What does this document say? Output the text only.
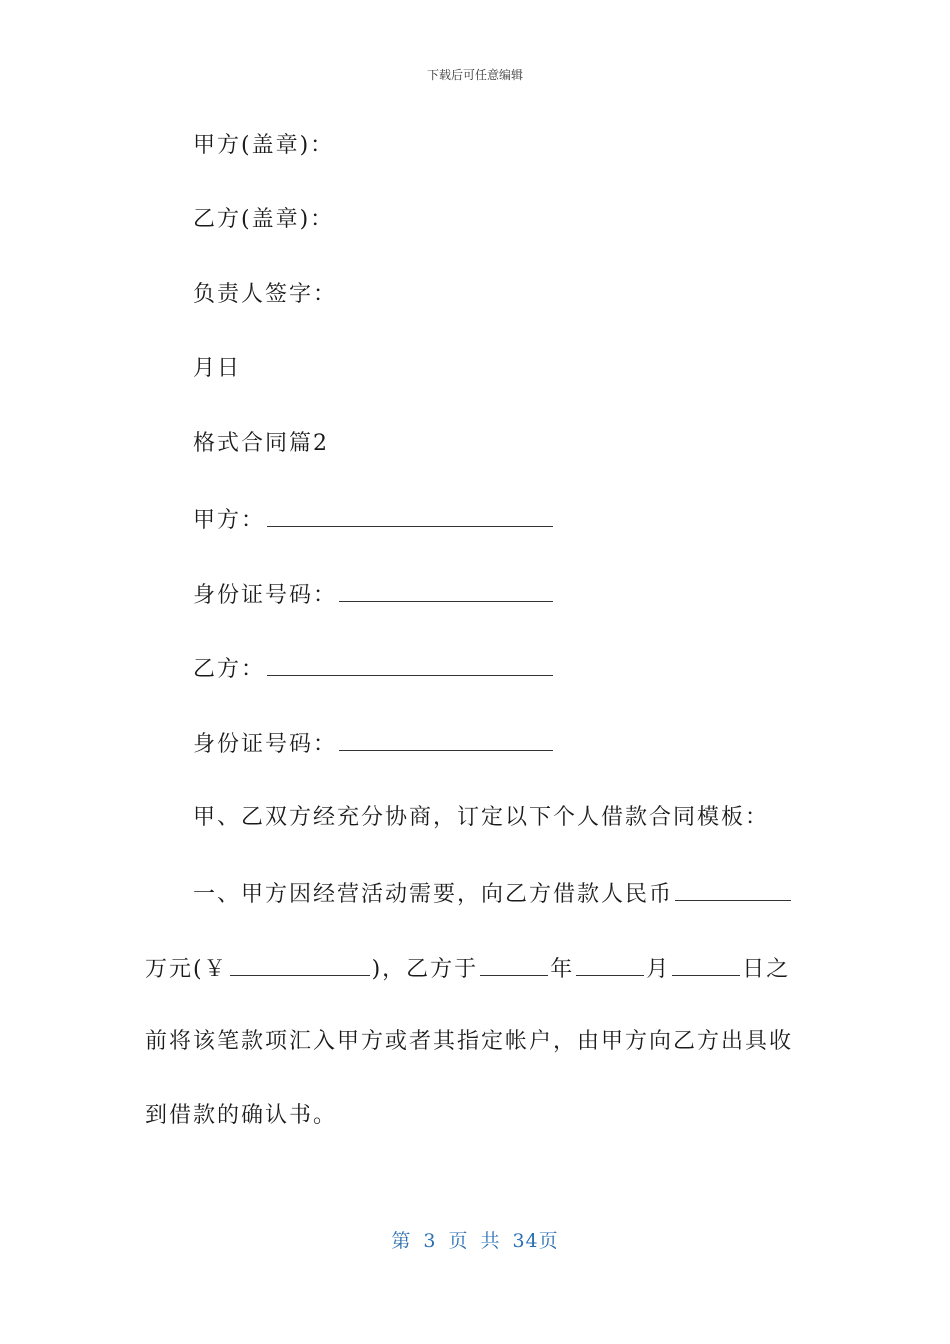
下载后可任意编辑
甲方(盖章)：
乙方(盖章)：
负责人签字：
月日
格式合同篇2
甲方：
身份证号码：
乙方：
身份证号码：
甲、乙双方经充分协商，订定以下个人借款合同模板：
一、甲方因经营活动需要，向乙方借款人民币
万元(￥	)，乙方于	年	月	日之
前将该笔款项汇入甲方或者其指定帐户，由甲方向乙方出具收
到借款的确认书。
第 3 页 共 34页
